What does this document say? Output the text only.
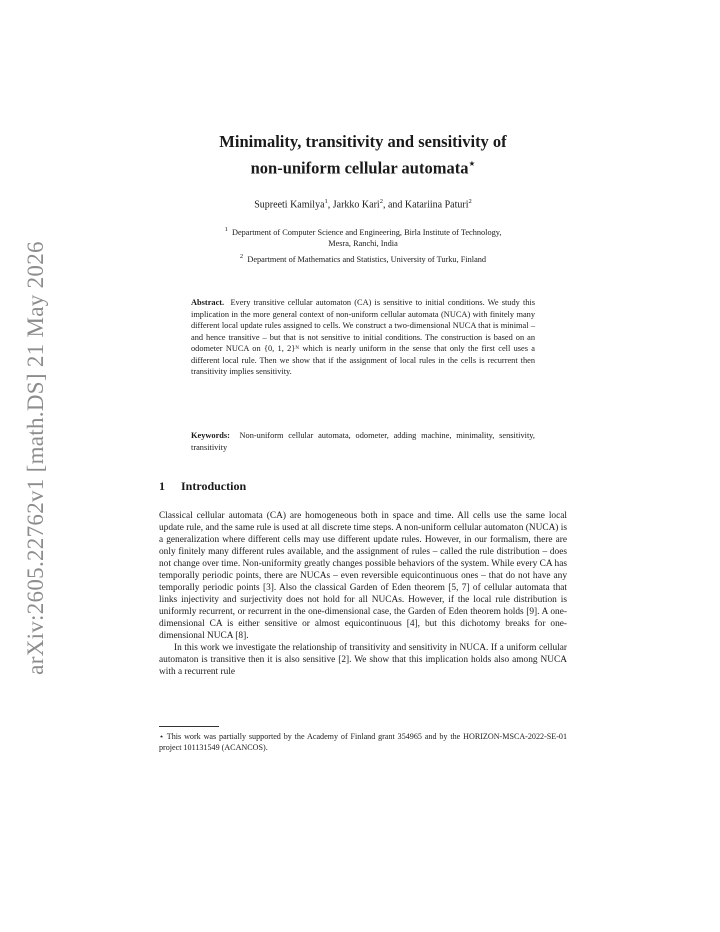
arXiv:2605.22762v1 [math.DS] 21 May 2026
Minimality, transitivity and sensitivity of
non-uniform cellular automata⋆
Supreeti Kamilya$^1$, Jarkko Kari$^2$, and Katariina Paturi$^2$
$^1$ Department of Computer Science and Engineering, Birla Institute of Technology,
Mesra, Ranchi, India
$^2$ Department of Mathematics and Statistics, University of Turku, Finland
Abstract. Every transitive cellular automaton (CA) is sensitive to initial conditions. We study this implication in the more general context of non-uniform cellular automata (NUCA) with finitely many different local update rules assigned to cells. We construct a two-dimensional NUCA that is minimal – and hence transitive – but that is not sensitive to initial conditions. The construction is based on an odometer NUCA on {0, 1, 2}ᴺ which is nearly uniform in the sense that only the first cell uses a different local rule. Then we show that if the assignment of local rules in the cells is recurrent then transitivity implies sensitivity.
Keywords: Non-uniform cellular automata, odometer, adding machine, minimality, sensitivity, transitivity
1 Introduction

Classical cellular automata (CA) are homogeneous both in space and time. All cells use the same local update rule, and the same rule is used at all discrete time steps. A non-uniform cellular automaton (NUCA) is a generalization where different cells may use different update rules. However, in our formalism, there are only finitely many different rules available, and the assignment of rules – called the rule distribution – does not change over time. Non-uniformity greatly changes possible behaviors of the system. While every CA has temporally periodic points, there are NUCAs – even reversible equicontinuous ones – that do not have any temporally periodic points [3]. Also the classical Garden of Eden theorem [5, 7] of cellular automata that links injectivity and surjectivity does not hold for all NUCAs. However, if the local rule distribution is uniformly recurrent, or recurrent in the one-dimensional case, the Garden of Eden theorem holds [9]. A one-dimensional CA is either sensitive or almost equicontinuous [4], but this dichotomy breaks for one-dimensional NUCA [8].

In this work we investigate the relationship of transitivity and sensitivity in NUCA. If a uniform cellular automaton is transitive then it is also sensitive [2]. We show that this implication holds also among NUCA with a recurrent rule

⋆ This work was partially supported by the Academy of Finland grant 354965 and by the HORIZON-MSCA-2022-SE-01 project 101131549 (ACANCOS).
